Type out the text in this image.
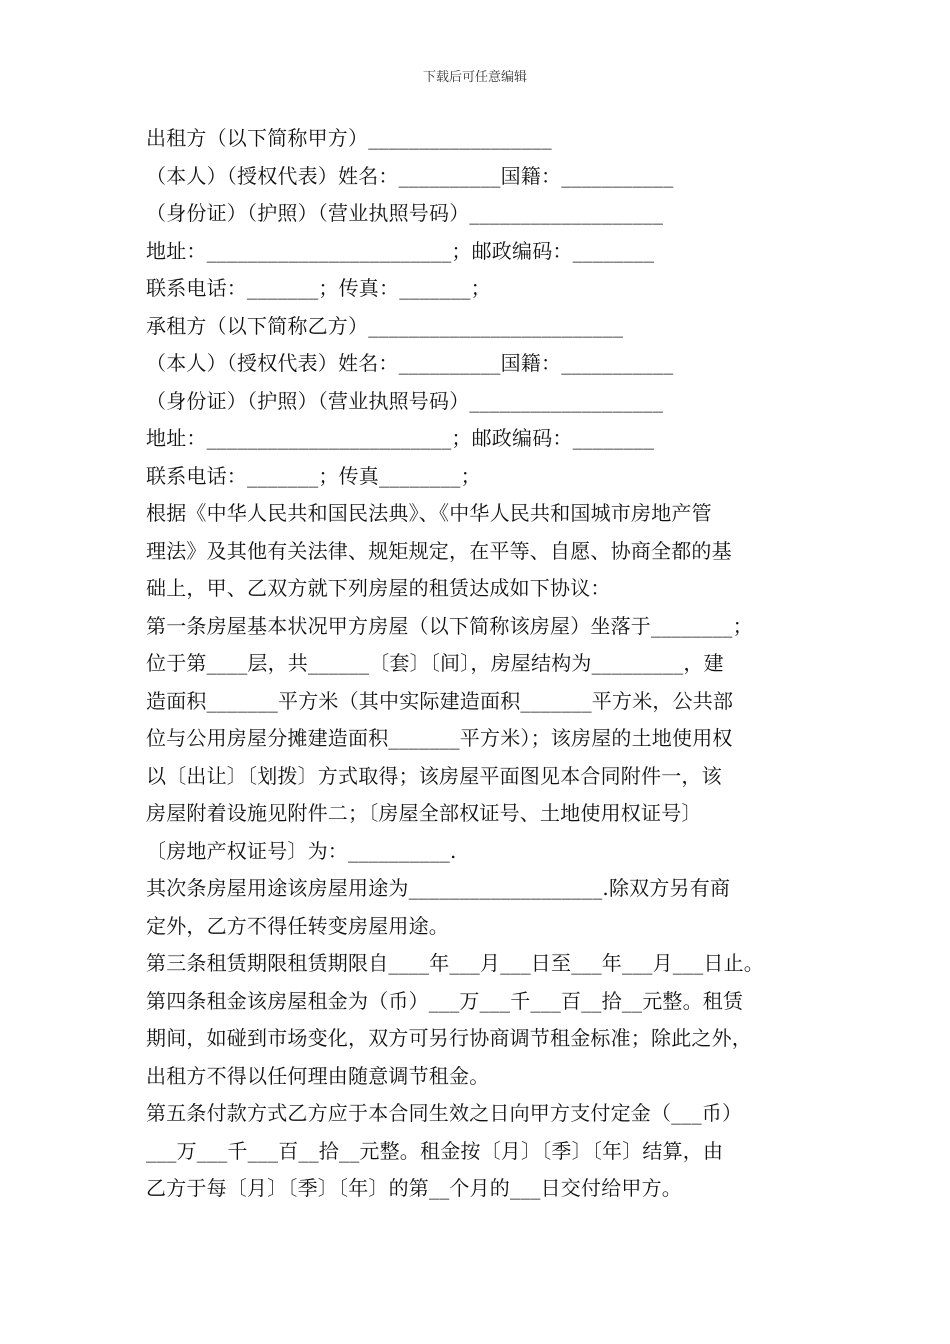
下载后可任意编辑
出租方（以下简称甲方）__________________
（本人）（授权代表）姓名：__________国籍：___________
（身份证）（护照）（营业执照号码）___________________
地址：________________________；邮政编码：________
联系电话：_______；传真：_______；
承租方（以下简称乙方）_________________________
（本人）（授权代表）姓名：__________国籍：___________
（身份证）（护照）（营业执照号码）___________________
地址：________________________；邮政编码：________
联系电话：_______；传真________；
根据《中华人民共和国民法典》、《中华人民共和国城市房地产管
理法》及其他有关法律、规矩规定，在平等、自愿、协商全都的基
础上，甲、乙双方就下列房屋的租赁达成如下协议：
第一条房屋基本状况甲方房屋（以下简称该房屋）坐落于________；
位于第____层，共______〔套〕〔间〕，房屋结构为_________，建
造面积_______平方米（其中实际建造面积_______平方米，公共部
位与公用房屋分摊建造面积_______平方米）；该房屋的土地使用权
以〔出让〕〔划拨〕方式取得；该房屋平面图见本合同附件一，该
房屋附着设施见附件二；〔房屋全部权证号、土地使用权证号〕
〔房地产权证号〕为：__________.
其次条房屋用途该房屋用途为___________________.除双方另有商
定外，乙方不得任转变房屋用途。
第三条租赁期限租赁期限自____年___月___日至___年___月___日止。
第四条租金该房屋租金为（币）___万___千___百__拾__元整。租赁
期间，如碰到市场变化，双方可另行协商调节租金标准；除此之外，
出租方不得以任何理由随意调节租金。
第五条付款方式乙方应于本合同生效之日向甲方支付定金（___币）
___万___千___百__拾__元整。租金按〔月〕〔季〕〔年〕结算，由
乙方于每〔月〕〔季〕〔年〕的第__个月的___日交付给甲方。
